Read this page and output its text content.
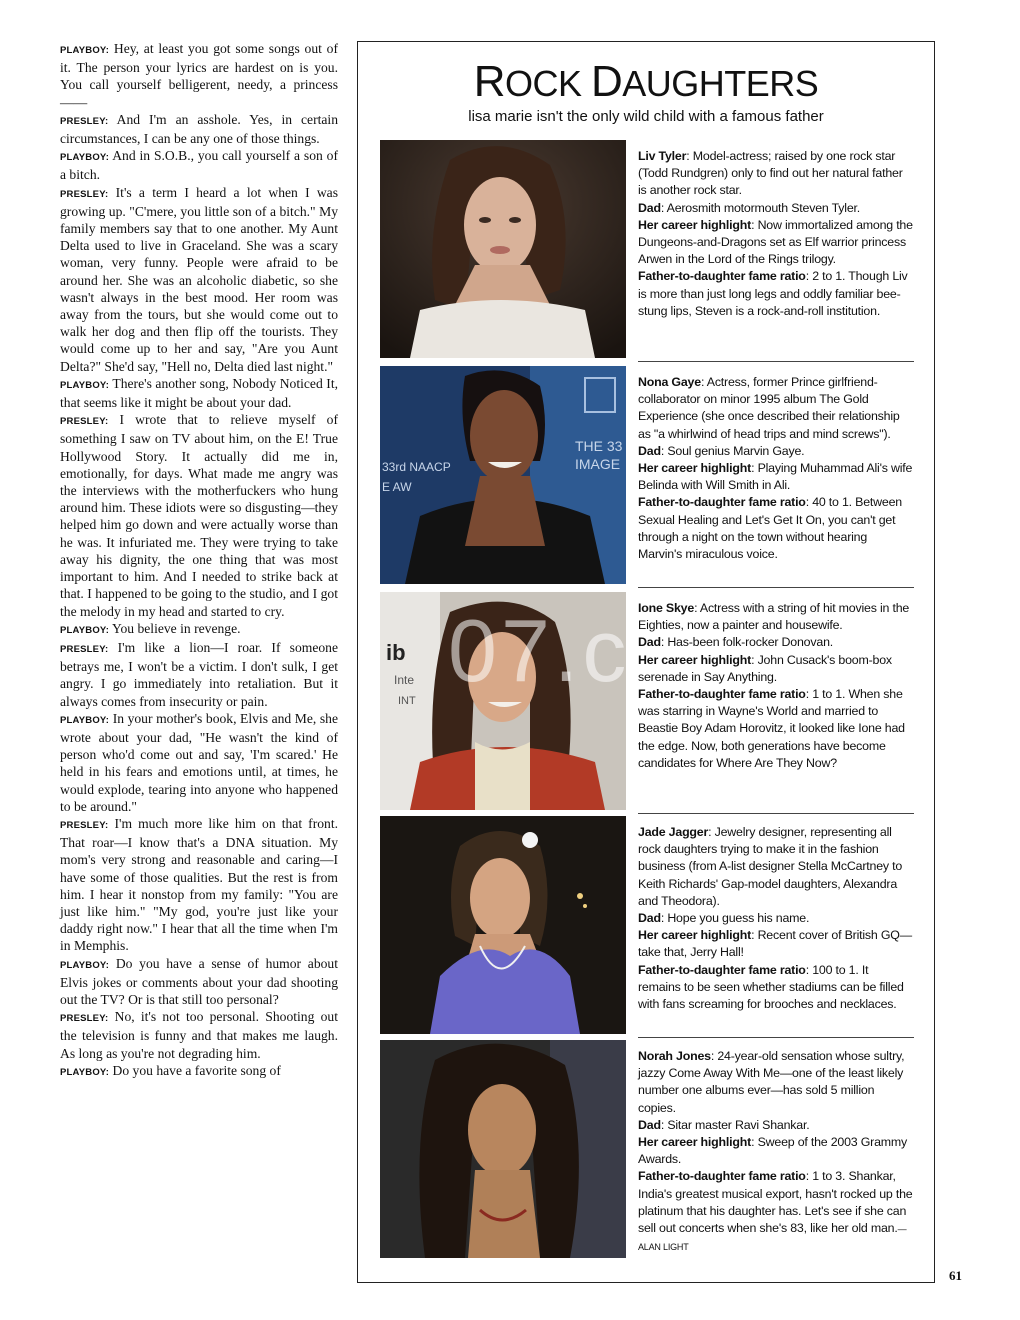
PLAYBOY: Hey, at least you got some songs out of it. The person your lyrics are hardest on is you. You call yourself belligerent, needy, a princess——

PRESLEY: And I'm an asshole. Yes, in certain circumstances, I can be any one of those things.

PLAYBOY: And in S.O.B., you call yourself a son of a bitch.

PRESLEY: It's a term I heard a lot when I was growing up. "C'mere, you little son of a bitch." My family members say that to one another. My Aunt Delta used to live in Graceland. She was a scary woman, very funny. People were afraid to be around her. She was an alcoholic diabetic, so she wasn't always in the best mood. Her room was away from the tours, but she would come out to walk her dog and then flip off the tourists. They would come up to her and say, "Are you Aunt Delta?" She'd say, "Hell no, Delta died last night."

PLAYBOY: There's another song, Nobody Noticed It, that seems like it might be about your dad.

PRESLEY: I wrote that to relieve myself of something I saw on TV about him, on the E! True Hollywood Story. It actually did me in, emotionally, for days. What made me angry was the interviews with the motherfuckers who hung around him. These idiots were so disgusting—they helped him go down and were actually worse than he was. It infuriated me. They were trying to take away his dignity, the one thing that was most important to him. And I needed to strike back at that. I happened to be going to the studio, and I got the melody in my head and started to cry.

PLAYBOY: You believe in revenge.

PRESLEY: I'm like a lion—I roar. If someone betrays me, I won't be a victim. I don't sulk, I get angry. I go immediately into retaliation. But it always comes from insecurity or pain.

PLAYBOY: In your mother's book, Elvis and Me, she wrote about your dad, "He wasn't the kind of person who'd come out and say, 'I'm scared.' He held in his fears and emotions until, at times, he would explode, tearing into anyone who happened to be around."

PRESLEY: I'm much more like him on that front. That roar—I know that's a DNA situation. My mom's very strong and reasonable and caring—I have some of those qualities. But the rest is from him. I hear it nonstop from my family: "You are just like him." "My god, you're just like your daddy right now." I hear that all the time when I'm in Memphis.

PLAYBOY: Do you have a sense of humor about Elvis jokes or comments about your dad shooting out the TV? Or is that still too personal?

PRESLEY: No, it's not too personal. Shooting out the television is funny and that makes me laugh. As long as you're not degrading him.

PLAYBOY: Do you have a favorite song of

ROCK DAUGHTERS
lisa marie isn't the only wild child with a famous father

Liv Tyler: Model-actress; raised by one rock star (Todd Rundgren) only to find out her natural father is another rock star.

Dad: Aerosmith motormouth Steven Tyler.

Her career highlight: Now immortalized among the Dungeons-and-Dragons set as Elf warrior princess Arwen in the Lord of the Rings trilogy.

Father-to-daughter fame ratio: 2 to 1. Though Liv is more than just long legs and oddly familiar bee-stung lips, Steven is a rock-and-roll institution.

THE 33
IMAGE
33rd NAACP
E AW

Nona Gaye: Actress, former Prince girlfriend-collaborator on minor 1995 album The Gold Experience (she once described their relationship as "a whirlwind of head trips and mind screws").

Dad: Soul genius Marvin Gaye.

Her career highlight: Playing Muhammad Ali's wife Belinda with Will Smith in Ali.

Father-to-daughter fame ratio: 40 to 1. Between Sexual Healing and Let's Get It On, you can't get through a night on the town without hearing Marvin's miraculous voice.

ib
Inte
INT

Ione Skye: Actress with a string of hit movies in the Eighties, now a painter and housewife.

Dad: Has-been folk-rocker Donovan.

Her career highlight: John Cusack's boom-box serenade in Say Anything.

Father-to-daughter fame ratio: 1 to 1. When she was starring in Wayne's World and married to Beastie Boy Adam Horovitz, it looked like Ione had the edge. Now, both generations have become candidates for Where Are They Now?

Jade Jagger: Jewelry designer, representing all rock daughters trying to make it in the fashion business (from A-list designer Stella McCartney to Keith Richards' Gap-model daughters, Alexandra and Theodora).

Dad: Hope you guess his name.

Her career highlight: Recent cover of British GQ—take that, Jerry Hall!

Father-to-daughter fame ratio: 100 to 1. It remains to be seen whether stadiums can be filled with fans screaming for brooches and necklaces.

Norah Jones: 24-year-old sensation whose sultry, jazzy Come Away With Me—one of the least likely number one albums ever—has sold 5 million copies.

Dad: Sitar master Ravi Shankar.

Her career highlight: Sweep of the 2003 Grammy Awards.

Father-to-daughter fame ratio: 1 to 3. Shankar, India's greatest musical export, hasn't rocked up the platinum that his daughter has. Let's see if she can sell out concerts when she's 83, like her old man.—ALAN LIGHT

07.c
61
